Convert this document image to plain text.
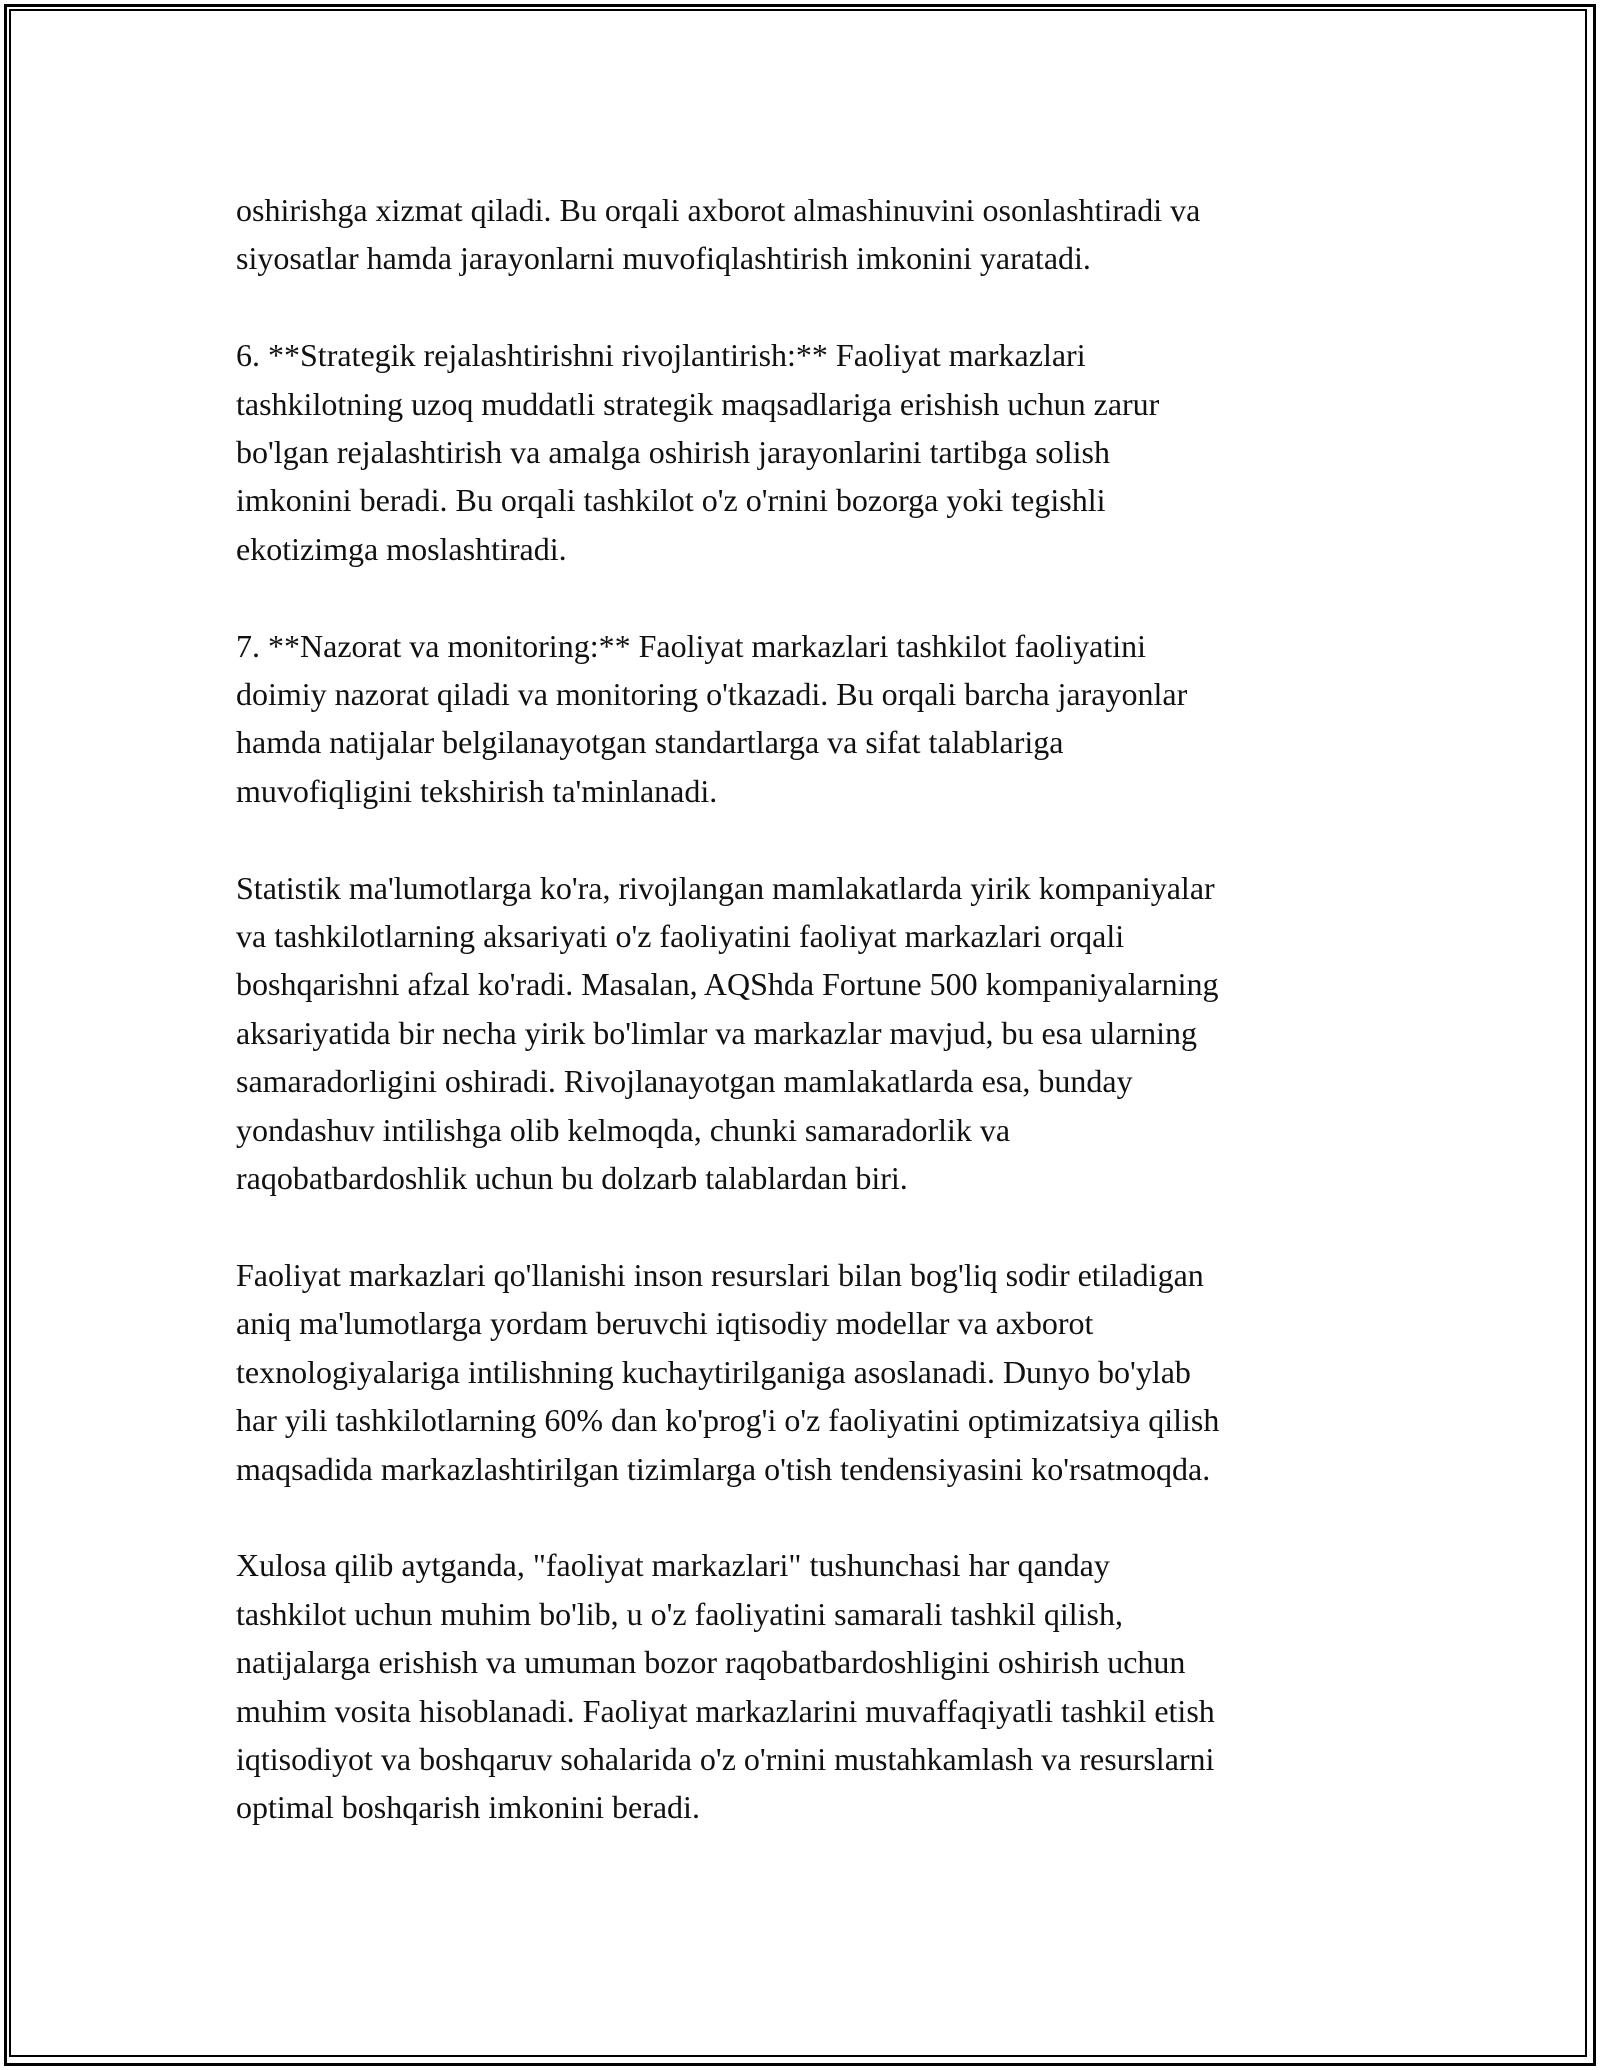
oshirishga xizmat qiladi. Bu orqali axborot almashinuvini osonlashtiradi va
siyosatlar hamda jarayonlarni muvofiqlashtirish imkonini yaratadi.

6. **Strategik rejalashtirishni rivojlantirish:** Faoliyat markazlari
tashkilotning uzoq muddatli strategik maqsadlariga erishish uchun zarur
bo'lgan rejalashtirish va amalga oshirish jarayonlarini tartibga solish
imkonini beradi. Bu orqali tashkilot o'z o'rnini bozorga yoki tegishli
ekotizimga moslashtiradi.

7. **Nazorat va monitoring:** Faoliyat markazlari tashkilot faoliyatini
doimiy nazorat qiladi va monitoring o'tkazadi. Bu orqali barcha jarayonlar
hamda natijalar belgilanayotgan standartlarga va sifat talablariga
muvofiqligini tekshirish ta'minlanadi.

Statistik ma'lumotlarga ko'ra, rivojlangan mamlakatlarda yirik kompaniyalar
va tashkilotlarning aksariyati o'z faoliyatini faoliyat markazlari orqali
boshqarishni afzal ko'radi. Masalan, AQShda Fortune 500 kompaniyalarning
aksariyatida bir necha yirik bo'limlar va markazlar mavjud, bu esa ularning
samaradorligini oshiradi. Rivojlanayotgan mamlakatlarda esa, bunday
yondashuv intilishga olib kelmoqda, chunki samaradorlik va
raqobatbardoshlik uchun bu dolzarb talablardan biri.

Faoliyat markazlari qo'llanishi inson resurslari bilan bog'liq sodir etiladigan
aniq ma'lumotlarga yordam beruvchi iqtisodiy modellar va axborot
texnologiyalariga intilishning kuchaytirilganiga asoslanadi. Dunyo bo'ylab
har yili tashkilotlarning 60% dan ko'prog'i o'z faoliyatini optimizatsiya qilish
maqsadida markazlashtirilgan tizimlarga o'tish tendensiyasini ko'rsatmoqda.

Xulosa qilib aytganda, "faoliyat markazlari" tushunchasi har qanday
tashkilot uchun muhim bo'lib, u o'z faoliyatini samarali tashkil qilish,
natijalarga erishish va umuman bozor raqobatbardoshligini oshirish uchun
muhim vosita hisoblanadi. Faoliyat markazlarini muvaffaqiyatli tashkil etish
iqtisodiyot va boshqaruv sohalarida o'z o'rnini mustahkamlash va resurslarni
optimal boshqarish imkonini beradi.
